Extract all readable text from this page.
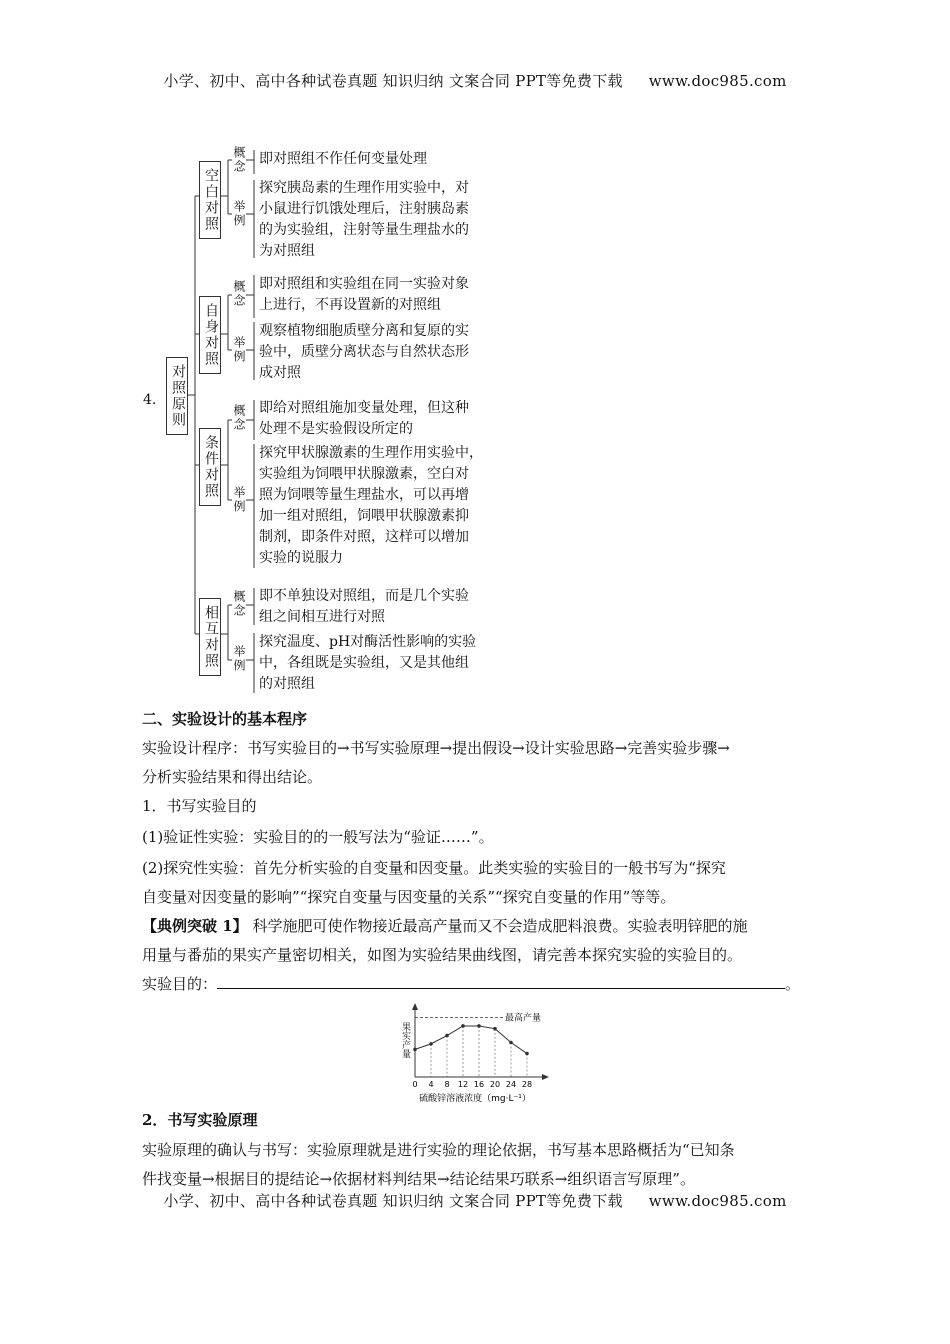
小学、初中、高中各种试卷真题 知识归纳 文案合同 PPT等免费下载 www.doc985.com
4. 对照原则
空白对照
概念
举例
即对照组不作任何变量处理
探究胰岛素的生理作用实验中，对
小鼠进行饥饿处理后，注射胰岛素
的为实验组，注射等量生理盐水的
为对照组
自身对照
概念
举例
即对照组和实验组在同一实验对象
上进行，不再设置新的对照组
观察植物细胞质壁分离和复原的实
验中，质壁分离状态与自然状态形
成对照
条件对照
概念
举例
即给对照组施加变量处理，但这种
处理不是实验假设所定的
探究甲状腺激素的生理作用实验中，
实验组为饲喂甲状腺激素，空白对
照为饲喂等量生理盐水，可以再增
加一组对照组，饲喂甲状腺激素抑
制剂，即条件对照，这样可以增加
实验的说服力
相互对照
概念
举例
即不单独设对照组，而是几个实验
组之间相互进行对照
探究温度、pH对酶活性影响的实验
中，各组既是实验组，又是其他组
的对照组
二、实验设计的基本程序
实验设计程序：书写实验目的→书写实验原理→提出假设→设计实验思路→完善实验步骤→
分析实验结果和得出结论。
1．书写实验目的
(1)验证性实验：实验目的的一般写法为“验证……”。
(2)探究性实验：首先分析实验的自变量和因变量。此类实验的实验目的一般书写为“探究
自变量对因变量的影响”“探究自变量与因变量的关系”“探究自变量的作用”等等。
【典例突破 1】 科学施肥可使作物接近最高产量而又不会造成肥料浪费。实验表明锌肥的施
用量与番茄的果实产量密切相关，如图为实验结果曲线图，请完善本探究实验的实验目的。
实验目的：	。
果实产量
最高产量
0 4 8 12 16 20 24 28
硫酸锌溶液浓度（mg·L⁻¹）
2．书写实验原理
实验原理的确认与书写：实验原理就是进行实验的理论依据，书写基本思路概括为“已知条
件找变量→根据目的提结论→依据材料判结果→结论结果巧联系→组织语言写原理”。
小学、初中、高中各种试卷真题 知识归纳 文案合同 PPT等免费下载 www.doc985.com
